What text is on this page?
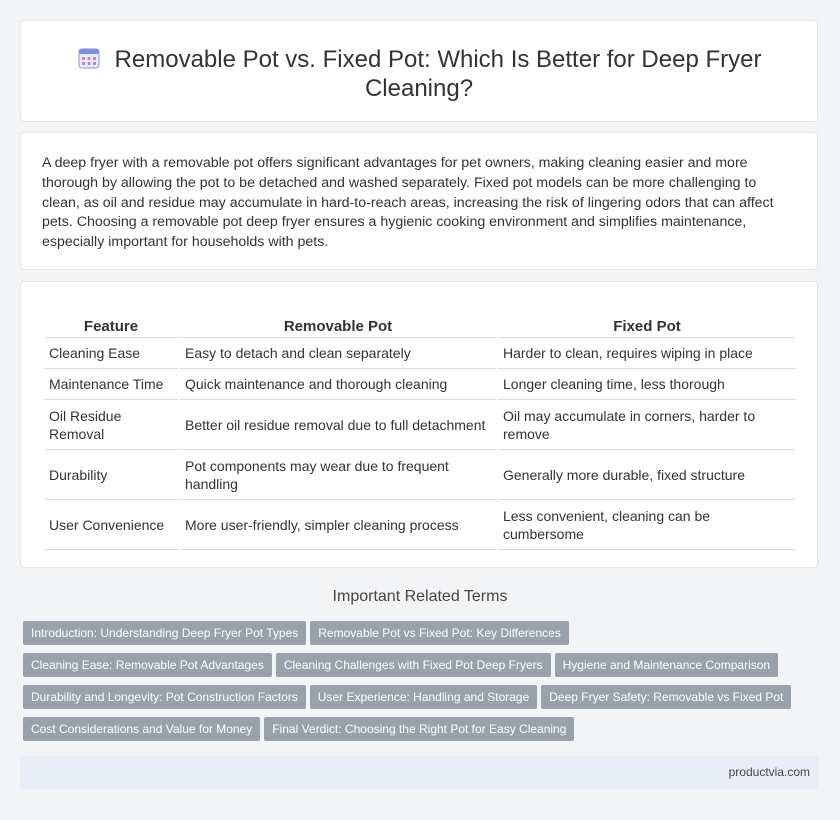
Removable Pot vs. Fixed Pot: Which Is Better for Deep Fryer Cleaning?

A deep fryer with a removable pot offers significant advantages for pet owners, making cleaning easier and more thorough by allowing the pot to be detached and washed separately. Fixed pot models can be more challenging to clean, as oil and residue may accumulate in hard-to-reach areas, increasing the risk of lingering odors that can affect pets. Choosing a removable pot deep fryer ensures a hygienic cooking environment and simplifies maintenance, especially important for households with pets.

Feature	Removable Pot	Fixed Pot
Cleaning Ease	Easy to detach and clean separately	Harder to clean, requires wiping in place
Maintenance Time	Quick maintenance and thorough cleaning	Longer cleaning time, less thorough
Oil Residue Removal	Better oil residue removal due to full detachment	Oil may accumulate in corners, harder to remove
Durability	Pot components may wear due to frequent handling	Generally more durable, fixed structure
User Convenience	More user-friendly, simpler cleaning process	Less convenient, cleaning can be cumbersome
Important Related Terms
Introduction: Understanding Deep Fryer Pot Types Removable Pot vs Fixed Pot: Key DifferencesCleaning Ease: Removable Pot Advantages Cleaning Challenges with Fixed Pot Deep Fryers Hygiene and Maintenance ComparisonDurability and Longevity: Pot Construction Factors User Experience: Handling and Storage Deep Fryer Safety: Removable vs Fixed PotCost Considerations and Value for Money Final Verdict: Choosing the Right Pot for Easy Cleaning
productvia.com
